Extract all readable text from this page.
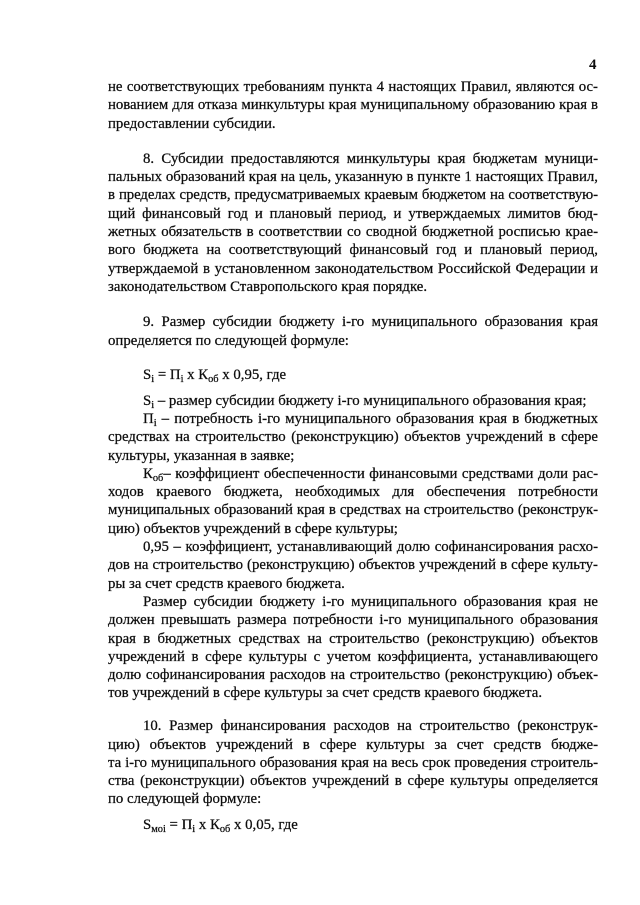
4
не соответствующих требованиям пункта 4 настоящих Правил, являются ос-
нованием для отказа минкультуры края муниципальному образованию края в
предоставлении субсидии.
8. Субсидии предоставляются минкультуры края бюджетам муници-
пальных образований края на цель, указанную в пункте 1 настоящих Правил,
в пределах средств, предусматриваемых краевым бюджетом на соответствую-
щий финансовый год и плановый период, и утверждаемых лимитов бюд-
жетных обязательств в соответствии со сводной бюджетной росписью крае-
вого бюджета на соответствующий финансовый год и плановый период,
утверждаемой в установленном законодательством Российской Федерации и
законодательством Ставропольского края порядке.
9. Размер субсидии бюджету i-го муниципального образования края
определяется по следующей формуле:
$S_i = П_i$ х $К_{об}$ х 0,95, где
$S_i$ – размер субсидии бюджету i-го муниципального образования края;
$П_i$ – потребность i-го муниципального образования края в бюджетных
средствах на строительство (реконструкцию) объектов учреждений в сфере
культуры, указанная в заявке;
$К_{об}-$ коэффициент обеспеченности финансовыми средствами доли рас-
ходов краевого бюджета, необходимых для обеспечения потребности
муниципальных образований края в средствах на строительство (реконструк-
цию) объектов учреждений в сфере культуры;
0,95 – коэффициент, устанавливающий долю софинансирования расхо-
дов на строительство (реконструкцию) объектов учреждений в сфере культу-
ры за счет средств краевого бюджета.
Размер субсидии бюджету i-го муниципального образования края не
должен превышать размера потребности i-го муниципального образования
края в бюджетных средствах на строительство (реконструкцию) объектов
учреждений в сфере культуры с учетом коэффициента, устанавливающего
долю софинансирования расходов на строительство (реконструкцию) объек-
тов учреждений в сфере культуры за счет средств краевого бюджета.
10. Размер финансирования расходов на строительство (реконструк-
цию) объектов учреждений в сфере культуры за счет средств бюдже-
та i-го муниципального образования края на весь срок проведения строитель-
ства (реконструкции) объектов учреждений в сфере культуры определяется
по следующей формуле:
$S_{моi} = П_i$ х $К_{об}$ х 0,05, где
